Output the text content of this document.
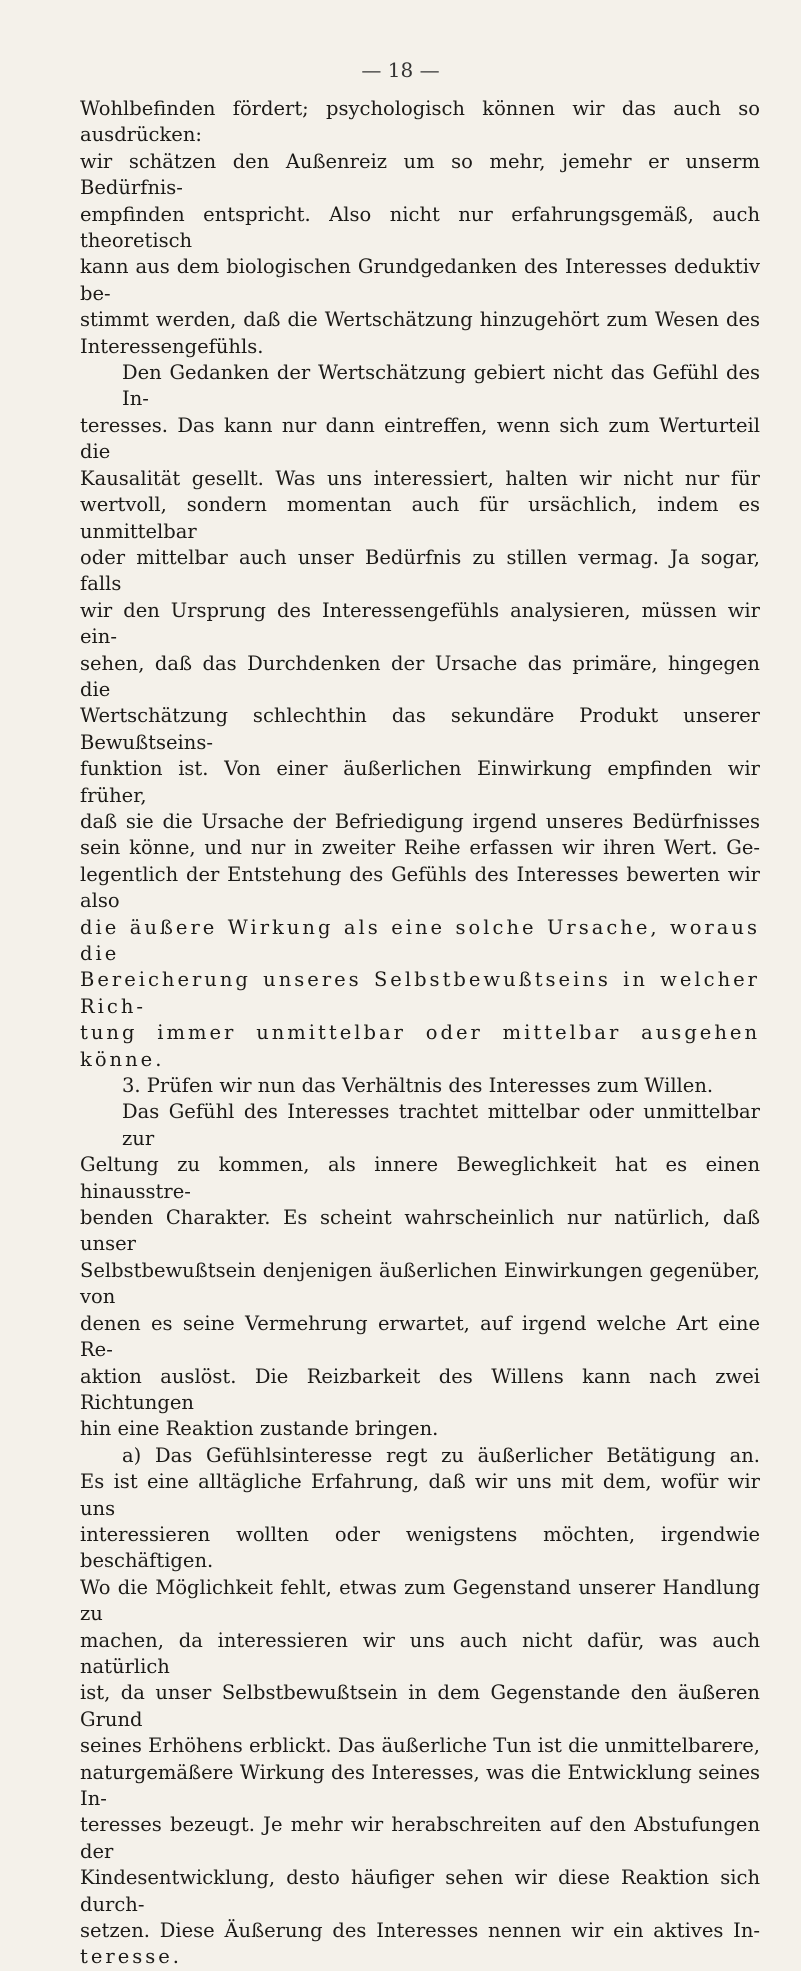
— 18 —
Wohlbefinden fördert; psychologisch können wir das auch so ausdrücken:
wir schätzen den Außenreiz um so mehr, jemehr er unserm Bedürfnis-
empfinden entspricht. Also nicht nur erfahrungsgemäß, auch theoretisch
kann aus dem biologischen Grundgedanken des Interesses deduktiv be-
stimmt werden, daß die Wertschätzung hinzugehört zum Wesen des
Interessengefühls.
Den Gedanken der Wertschätzung gebiert nicht das Gefühl des In-
teresses. Das kann nur dann eintreffen, wenn sich zum Werturteil die
Kausalität gesellt. Was uns interessiert, halten wir nicht nur für
wertvoll, sondern momentan auch für ursächlich, indem es unmittelbar
oder mittelbar auch unser Bedürfnis zu stillen vermag. Ja sogar, falls
wir den Ursprung des Interessengefühls analysieren, müssen wir ein-
sehen, daß das Durchdenken der Ursache das primäre, hingegen die
Wertschätzung schlechthin das sekundäre Produkt unserer Bewußtseins-
funktion ist. Von einer äußerlichen Einwirkung empfinden wir früher,
daß sie die Ursache der Befriedigung irgend unseres Bedürfnisses
sein könne, und nur in zweiter Reihe erfassen wir ihren Wert. Ge-
legentlich der Entstehung des Gefühls des Interesses bewerten wir also
die äußere Wirkung als eine solche Ursache, woraus die
Bereicherung unseres Selbstbewußtseins in welcher Rich-
tung immer unmittelbar oder mittelbar ausgehen könne.
3. Prüfen wir nun das Verhältnis des Interesses zum Willen.
Das Gefühl des Interesses trachtet mittelbar oder unmittelbar zur
Geltung zu kommen, als innere Beweglichkeit hat es einen hinausstre-
benden Charakter. Es scheint wahrscheinlich nur natürlich, daß unser
Selbstbewußtsein denjenigen äußerlichen Einwirkungen gegenüber, von
denen es seine Vermehrung erwartet, auf irgend welche Art eine Re-
aktion auslöst. Die Reizbarkeit des Willens kann nach zwei Richtungen
hin eine Reaktion zustande bringen.
a) Das Gefühlsinteresse regt zu äußerlicher Betätigung an.
Es ist eine alltägliche Erfahrung, daß wir uns mit dem, wofür wir uns
interessieren wollten oder wenigstens möchten, irgendwie beschäftigen.
Wo die Möglichkeit fehlt, etwas zum Gegenstand unserer Handlung zu
machen, da interessieren wir uns auch nicht dafür, was auch natürlich
ist, da unser Selbstbewußtsein in dem Gegenstande den äußeren Grund
seines Erhöhens erblickt. Das äußerliche Tun ist die unmittelbarere,
naturgemäßere Wirkung des Interesses, was die Entwicklung seines In-
teresses bezeugt. Je mehr wir herabschreiten auf den Abstufungen der
Kindesentwicklung, desto häufiger sehen wir diese Reaktion sich durch-
setzen. Diese Äußerung des Interesses nennen wir ein aktives In-
teresse.
